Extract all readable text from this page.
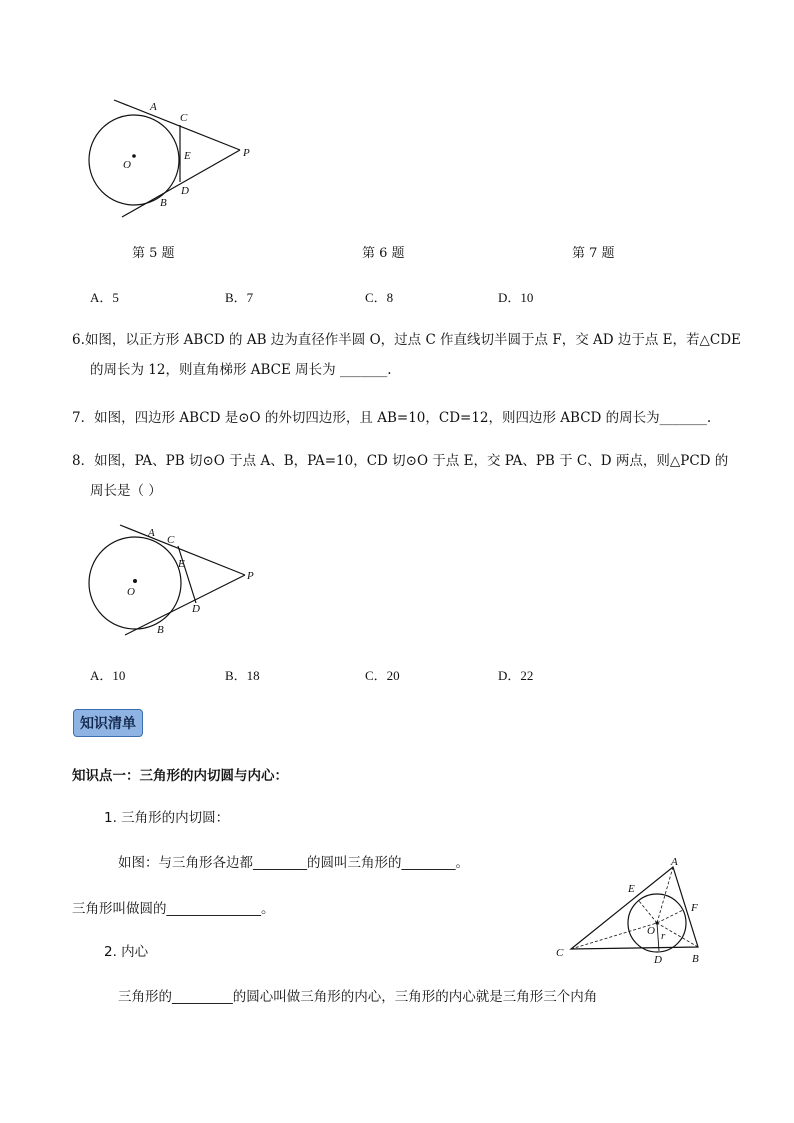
A
C
E	P
O
D
B
第 5 题	第 6 题	第 7 题
A．5	B．7	C．8	D．10
6.如图，以正方形 ABCD 的 AB 边为直径作半圆 O，过点 C 作直线切半圆于点 F，交 AD 边于点 E，若△CDE
的周长为 12，则直角梯形 ABCE 周长为 _______.
7．如图，四边形 ABCD 是⊙O 的外切四边形，且 AB=10，CD=12，则四边形 ABCD 的周长为_______.
8．如图，PA、PB 切⊙O 于点 A、B，PA=10，CD 切⊙O 于点 E，交 PA、PB 于 C、D 两点，则△PCD 的
周长是（ ）
A
C
E
P
O
D
B
A．10	B．18	C．20	D．22
知识清单
知识点一：三角形的内切圆与内心：
1. 三角形的内切圆：
如图：与三角形各边都________的圆叫三角形的________。
三角形叫做圆的______________。
2. 内心
三角形的_________的圆心叫做三角形的内心，三角形的内心就是三角形三个内角
A
E
F
O r
C
D	B
